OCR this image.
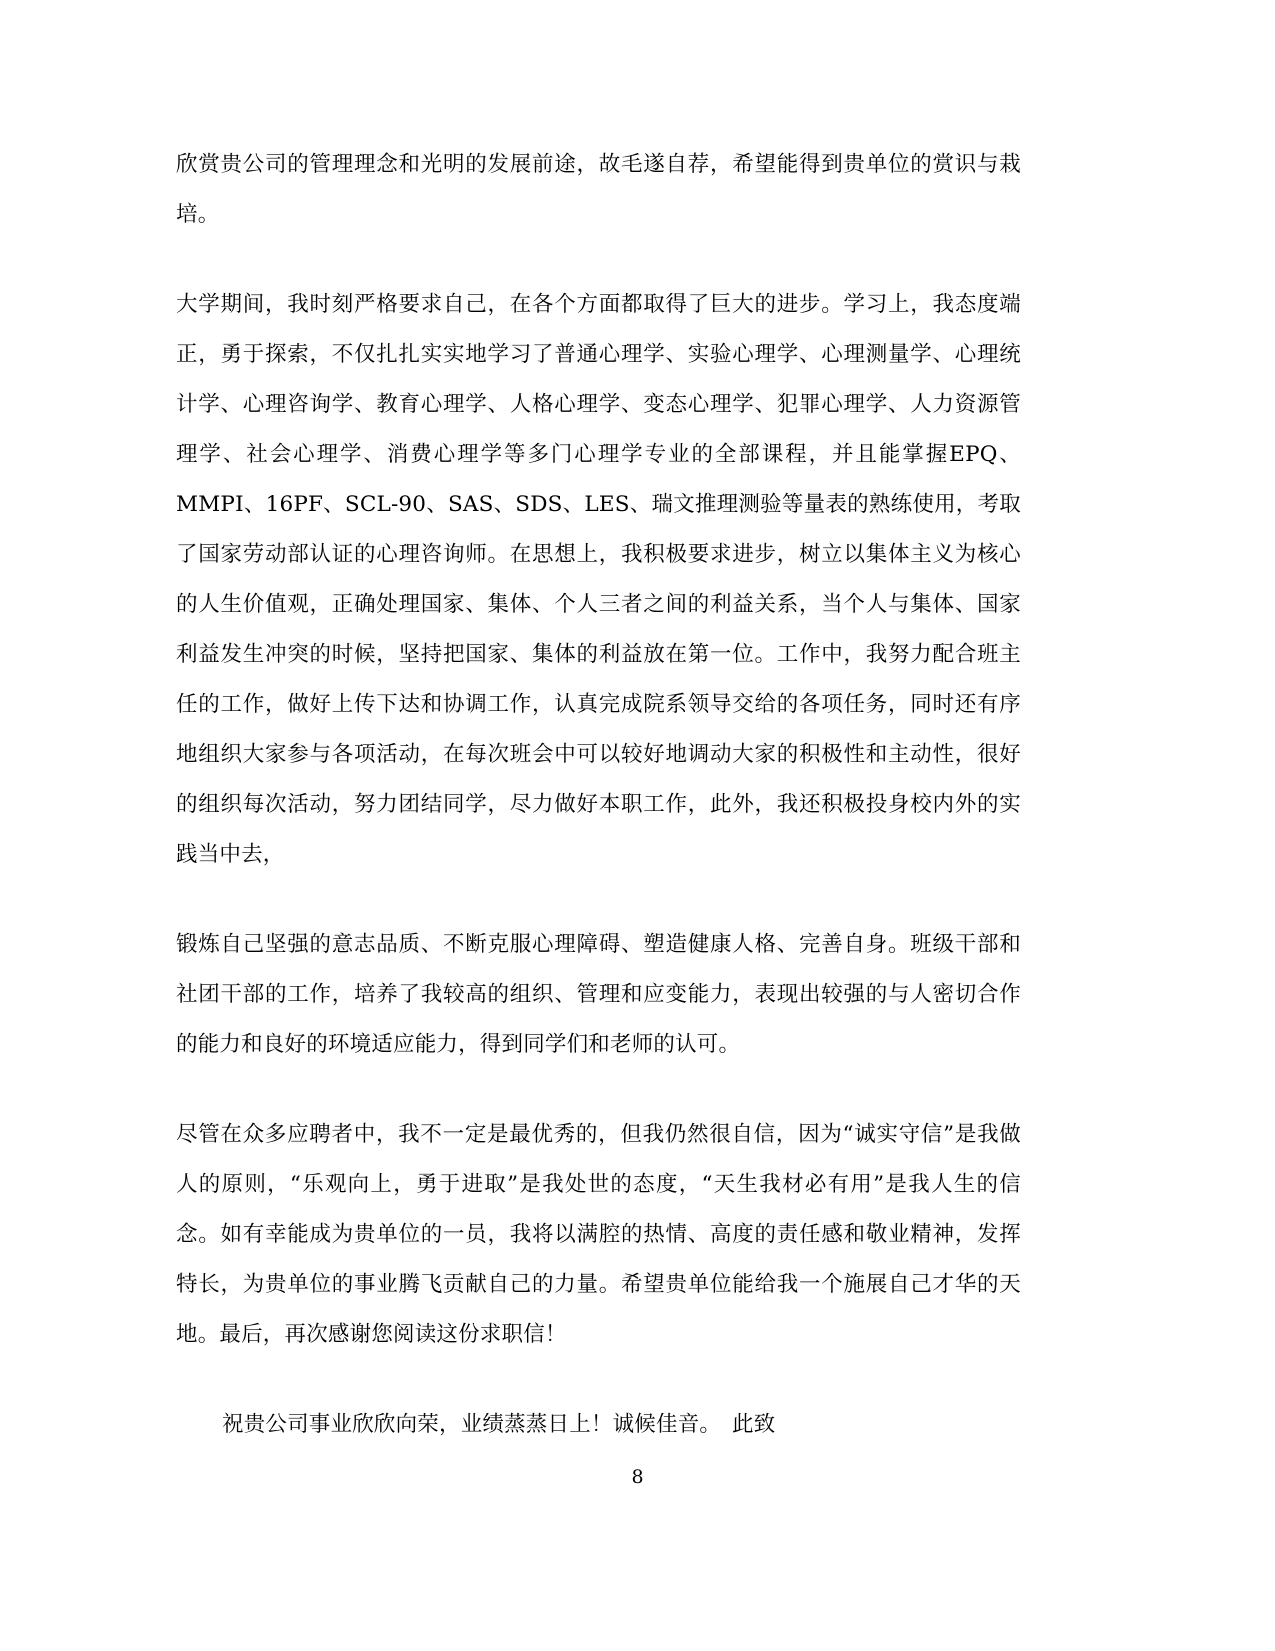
欣赏贵公司的管理理念和光明的发展前途，故毛遂自荐，希望能得到贵单位的赏识与栽培。

大学期间，我时刻严格要求自己，在各个方面都取得了巨大的进步。学习上，我态度端正，勇于探索，不仅扎扎实实地学习了普通心理学、实验心理学、心理测量学、心理统计学、心理咨询学、教育心理学、人格心理学、变态心理学、犯罪心理学、人力资源管理学、社会心理学、消费心理学等多门心理学专业的全部课程，并且能掌握EPQ、MMPI、16PF、SCL-90、SAS、SDS、LES、瑞文推理测验等量表的熟练使用，考取了国家劳动部认证的心理咨询师。在思想上，我积极要求进步，树立以集体主义为核心的人生价值观，正确处理国家、集体、个人三者之间的利益关系，当个人与集体、国家利益发生冲突的时候，坚持把国家、集体的利益放在第一位。工作中，我努力配合班主任的工作，做好上传下达和协调工作，认真完成院系领导交给的各项任务，同时还有序地组织大家参与各项活动，在每次班会中可以较好地调动大家的积极性和主动性，很好的组织每次活动，努力团结同学，尽力做好本职工作，此外，我还积极投身校内外的实践当中去，

锻炼自己坚强的意志品质、不断克服心理障碍、塑造健康人格、完善自身。班级干部和社团干部的工作，培养了我较高的组织、管理和应变能力，表现出较强的与人密切合作的能力和良好的环境适应能力，得到同学们和老师的认可。

尽管在众多应聘者中，我不一定是最优秀的，但我仍然很自信，因为“诚实守信”是我做人的原则，“乐观向上，勇于进取”是我处世的态度，“天生我材必有用”是我人生的信念。如有幸能成为贵单位的一员，我将以满腔的热情、高度的责任感和敬业精神，发挥特长，为贵单位的事业腾飞贡献自己的力量。希望贵单位能给我一个施展自己才华的天地。最后，再次感谢您阅读这份求职信！

祝贵公司事业欣欣向荣，业绩蒸蒸日上！诚候佳音。　此致

8
